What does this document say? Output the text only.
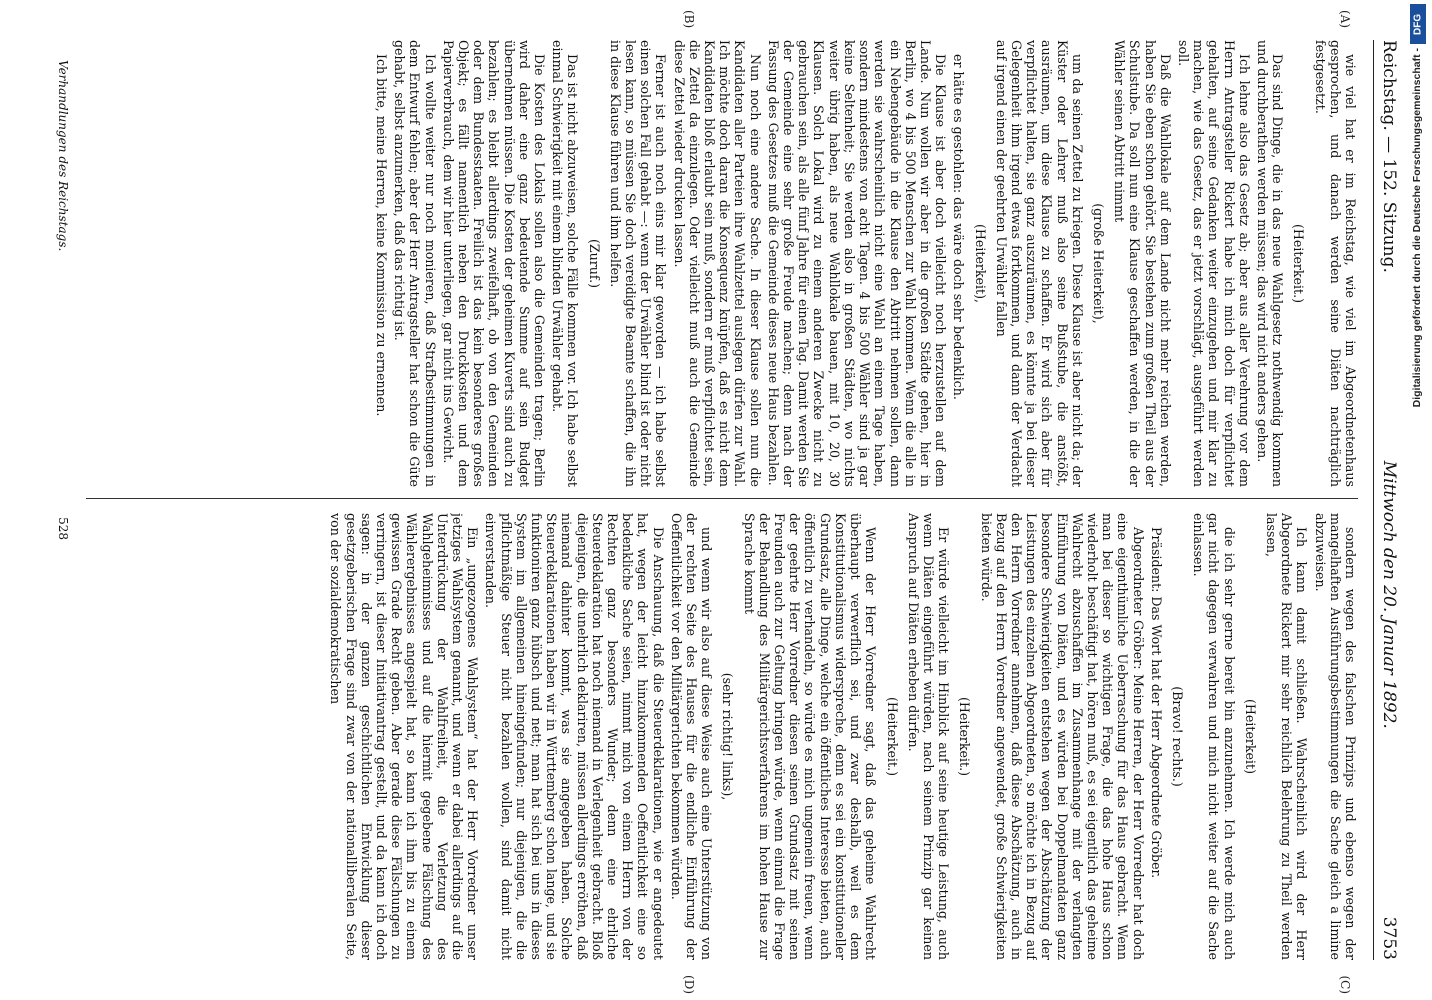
Reichstag. — 152. Sitzung.
Mittwoch den 20. Januar 1892.
3753
(A)
(B)
(C)
(D)

wie viel hat er im Reichstag, wie viel im Abgeordnetenhaus gesprochen, und danach werden seine Diäten nachträglich festgesetzt.

(Heiterkeit.)

Das sind Dinge, die in das neue Wahlgesetz nothwendig kommen und durchberathen werden müssen; das wird nicht anders gehen.

Ich lehne also das Gesetz ab; aber aus aller Verehrung vor dem Herrn Antragsteller Rickert habe ich mich doch für verpflichtet gehalten, auf seine Gedanken weiter einzugehen und mir klar zu machen, wie das Gesetz, das er jetzt vorschlägt, ausgeführt werden soll.

Daß die Wahllokale auf dem Lande nicht mehr reichen werden, haben Sie eben schon gehört. Sie bestehen zum großen Theil aus der Schulstube. Da soll nun eine Klause geschaffen werden, in die der Wähler seinen Abtritt nimmt

(große Heiterkeit),

um da seinen Zettel zu kriegen. Diese Klause ist aber nicht da; der Küster oder Lehrer muß also seine Bußstube, die anstößt, ausräumen, um diese Klause zu schaffen. Er wird sich aber für verpflichtet halten, sie ganz auszuräumen, es könnte ja bei dieser Gelegenheit ihm irgend etwas fortkommen, und dann der Verdacht auf irgend einen der geehrten Urwähler fallen

(Heiterkeit),

er hätte es gestohlen: das wäre doch sehr bedenklich.

Die Klause ist aber doch vielleicht noch herzustellen auf dem Lande. Nun wollen wir aber in die großen Städte gehen, hier in Berlin, wo 4 bis 500 Menschen zur Wahl kommen. Wenn die alle in ein Nebengebäude in die Klause den Abtritt nehmen sollen, dann werden sie wahrscheinlich nicht eine Wahl an einem Tage haben, sondern mindestens von acht Tagen. 4 bis 500 Wähler sind ja gar keine Seltenheit; Sie werden also in großen Städten, wo nichts weiter übrig haben, als neue Wahllokale bauen, mit 10, 20, 30 Klausen. Solch Lokal wird zu einem anderen Zwecke nicht zu gebrauchen sein, als alle fünf Jahre für einen Tag. Damit werden Sie der Gemeinde eine sehr große Freude machen; denn nach der Fassung des Gesetzes muß die Gemeinde dieses neue Haus bezahlen.

Nun noch eine andere Sache. In dieser Klause sollen nun die Kandidaten aller Parteien ihre Wahlzettel auslegen dürfen zur Wahl. Ich möchte doch daran die Konsequenz knüpfen, daß es nicht dem Kandidaten bloß erlaubt sein muß, sondern er muß verpflichtet sein, die Zettel da einzulegen. Oder vielleicht muß auch die Gemeinde diese Zettel wieder drucken lassen.

Ferner ist auch noch eins mir klar geworden — ich habe selbst einen solchen Fall gehabt —: wenn der Urwähler blind ist oder nicht lesen kann, so müssen Sie doch vereidigte Beamte schaffen, die ihn in diese Klause führen und ihm helfen.

(Zuruf.)

Das ist nicht abzuweisen, solche Fälle kommen vor. Ich habe selbst einmal Schwierigkeit mit einem blinden Urwähler gehabt.

Die Kosten des Lokals sollen also die Gemeinden tragen; Berlin wird daher eine ganz bedeutende Summe auf sein Budget übernehmen müssen. Die Kosten der geheimen Kuverts sind auch zu bezahlen; es bleibt allerdings zweifelhaft, ob von den Gemeinden oder dem Bundesstaaten. Freilich ist das kein besonderes großes Objekt; es fällt namentlich neben den Druckkosten und dem Papierverbrauch, dem wir hier unterliegen, gar nicht ins Gewicht.

Ich wollte weiter nur noch monieren, daß Strafbestimmungen in dem Entwurf fehlen; aber der Herr Antragsteller hat schon die Güte gehabt, selbst anzumerken, daß das richtig ist.

Ich bitte, meine Herren, keine Kommission zu ernennen.

sondern wegen des falschen Prinzips und ebenso wegen der mangelhaften Ausführungsbestimmungen die Sache gleich a limine abzuweisen.

Ich kann damit schließen. Wahrscheinlich wird der Herr Abgeordnete Rickert mir sehr reichlich Belehrung zu Theil werden lassen,

(Heiterkeit)

die ich sehr gerne bereit bin anzunehmen. Ich werde mich auch gar nicht dagegen verwahren und mich nicht weiter auf die Sache einlassen.

(Bravo! rechts.)

Präsident: Das Wort hat der Herr Abgeordnete Gröber.

Abgeordneter Gröber: Meine Herren, der Herr Vorredner hat doch eine eigenthümliche Ueberraschung für das Haus gebracht. Wenn man bei dieser so wichtigen Frage, die das hohe Haus schon wiederholt beschäftigt hat, hören muß, es sei eigentlich das geheime Wahlrecht abzuschaffen im Zusammenhange mit der verlangten Einführung von Diäten, und es würden bei Doppelmandaten ganz besondere Schwierigkeiten entstehen wegen der Abschätzung der Leistungen des einzelnen Abgeordneten, so möchte ich in Bezug auf den Herrn Vorredner annehmen, daß diese Abschätzung, auch in Bezug auf den Herrn Vorredner angewendet, große Schwierigkeiten bieten würde.

(Heiterkeit.)

Er würde vielleicht im Hinblick auf seine heutige Leistung, auch wenn Diäten eingeführt würden, nach seinem Prinzip gar keinen Anspruch auf Diäten erheben dürfen.

(Heiterkeit.)

Wenn der Herr Vorredner sagt, daß das geheime Wahlrecht überhaupt verwerflich sei, und zwar deshalb, weil es dem Konstitutionalismus widerspreche, denn es sei ein konstitutioneller Grundsatz, alle Dinge, welche ein öffentliches Interesse bieten, auch öffentlich zu verhandeln, so würde es mich ungemein freuen, wenn der geehrte Herr Vorredner diesen seinen Grundsatz mit seinen Freunden auch zur Geltung bringen würde, wenn einmal die Frage der Behandlung des Militärgerichtsverfahrens im hohen Hause zur Sprache kommt

(sehr richtig! links),

und wenn wir also auf diese Weise auch eine Unterstützung von der rechten Seite des Hauses für die endliche Einführung der Oeffentlichkeit vor den Militärgerichten bekommen würden.

Die Anschauung, daß die Steuerdeklarationen, wie er angedeutet hat, wegen der leicht hinzukommenden Oeffentlichkeit eine so bedenkliche Sache seien, nimmt mich von einem Herrn von der Rechten ganz besonders Wunder; denn eine ehrliche Steuerdeklaration hat noch niemand in Verlegenheit gebracht. Bloß diejenigen, die unehrlich deklariren, müssen allerdings erröthen, daß niemand dahinter kommt, was sie angegeben haben. Solche Steuerdeklarationen haben wir in Württemberg schon lange, und sie funktioniren ganz hübsch und nett; man hat sich bei uns in dieses System im allgemeinen hineingefunden; nur diejenigen, die die pflichtmäßige Steuer nicht bezahlen wollen, sind damit nicht einverstanden.

Ein „ungezogenes Wahlsystem“ hat der Herr Vorredner unser jetziges Wahlsystem genannt, und wenn er dabei allerdings auf die Unterdrückung der Wahlfreiheit, die Verletzung des Wahlgeheimnisses und auf die hiermit gegebene Fälschung des Wählerergebnisses angespielt hat, so kann ich ihm bis zu einem gewissen Grade Recht geben. Aber gerade diese Fälschungen zu verringern, ist dieser Initiativantrag gestellt, und da kann ich doch sagen: in der ganzen geschichtlichen Entwicklung dieser gesetzgeberischen Frage sind zwar von der nationalliberalen Seite, von der sozialdemokratischen

Verhandlungen des Reichstags.
528
DFG
Digitalisierung gefördert durch die Deutsche Forschungsgemeinschaft -
